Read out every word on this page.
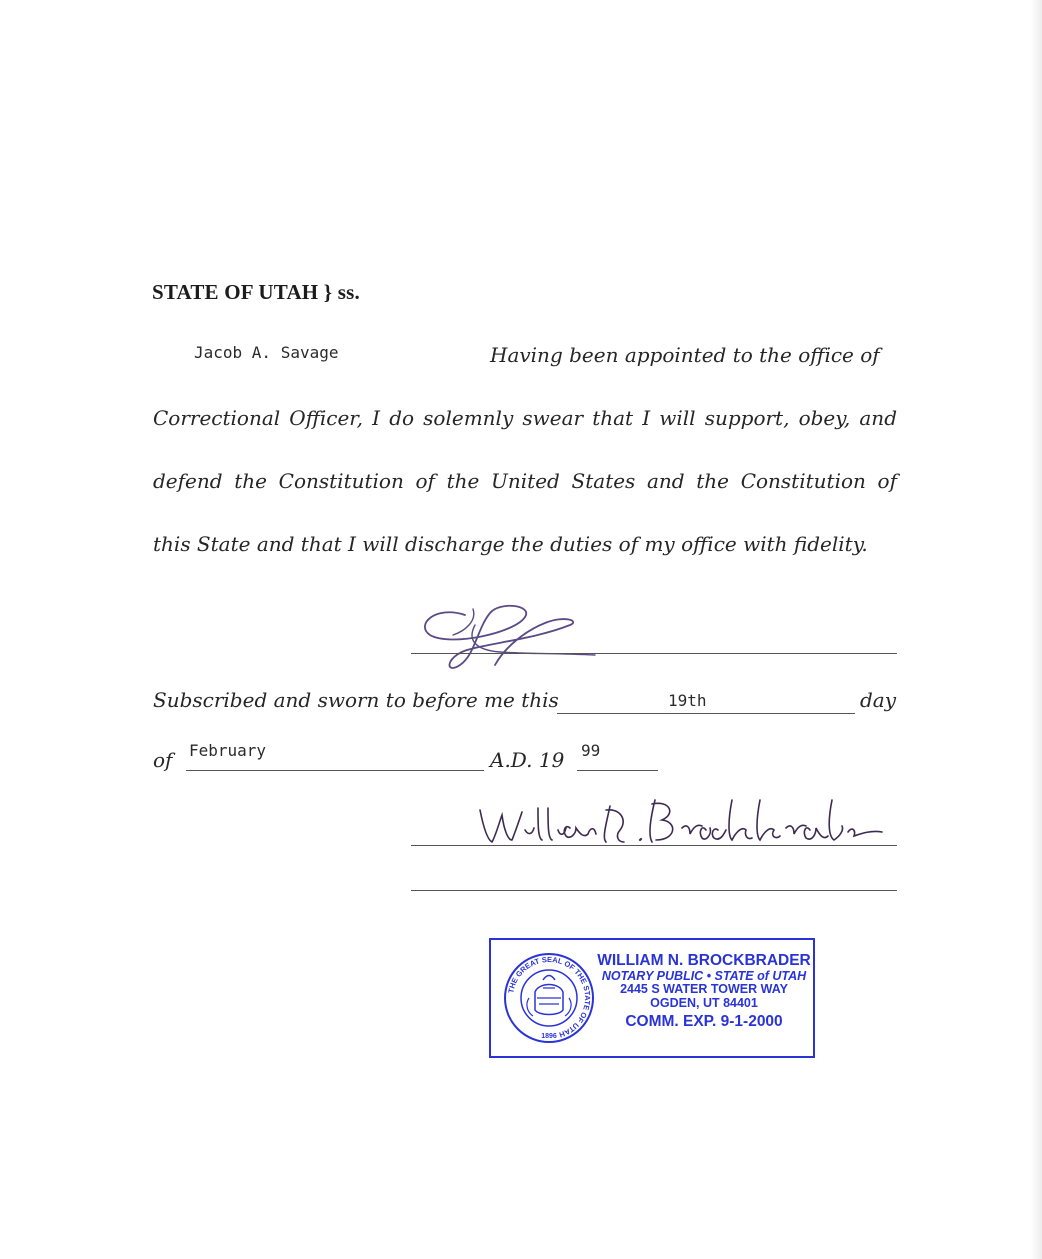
STATE OF UTAH } ss.
Jacob A. Savage	Having been appointed to the office of
Correctional Officer, I do solemnly swear that I will support, obey, and
defend the Constitution of the United States and the Constitution of
this State and that I will discharge the duties of my office with fidelity.
Subscribed and sworn to before me this	19th	day
of February	A.D. 19 99
THE GREAT SEAL OF THE STATE OF UTAH
1896
WILLIAM N. BROCKBRADER
NOTARY PUBLIC • STATE of UTAH
2445 S WATER TOWER WAY
OGDEN, UT 84401
COMM. EXP. 9-1-2000
